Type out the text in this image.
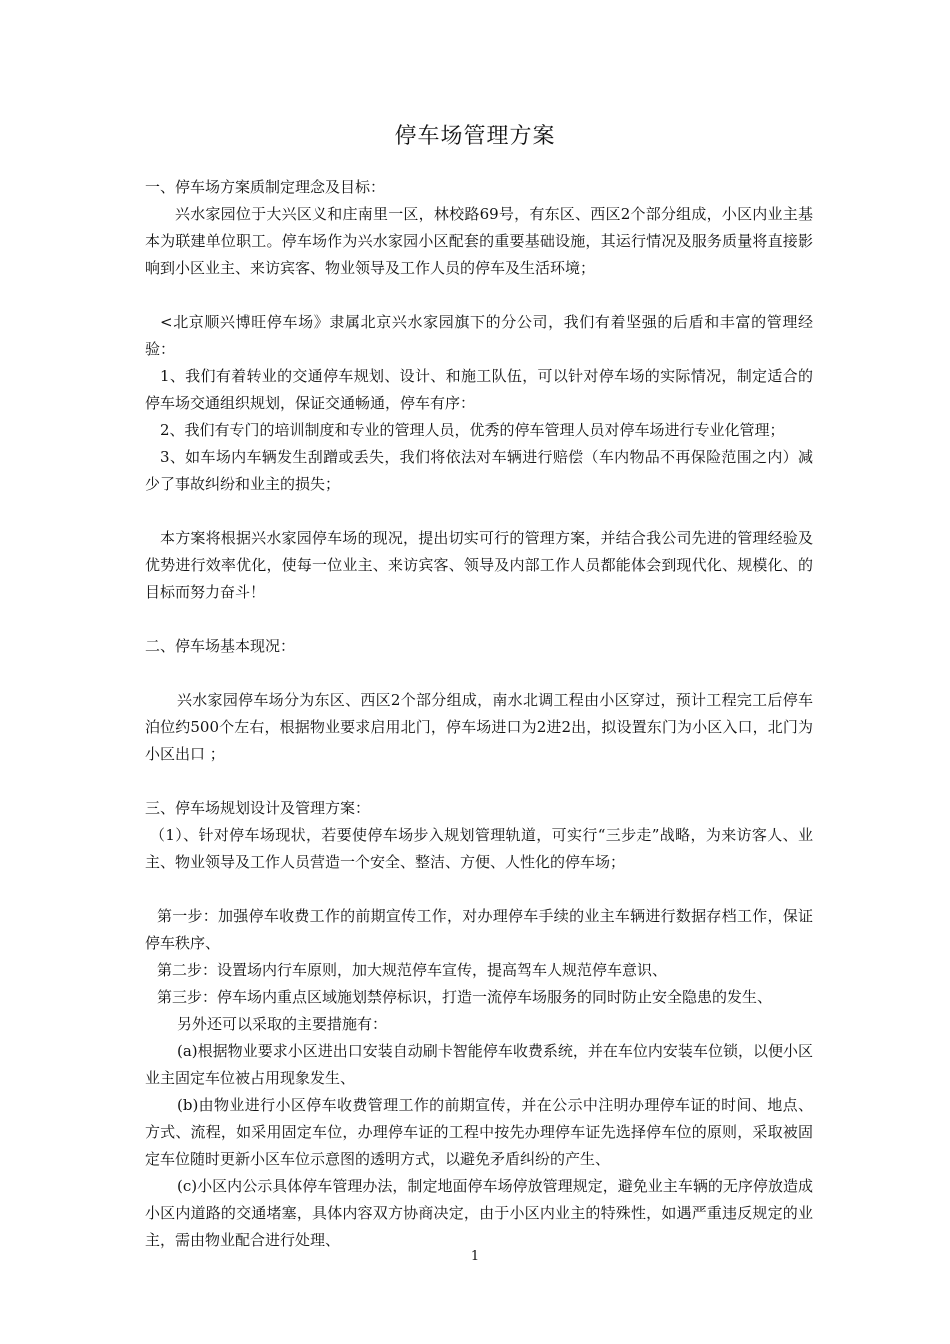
停车场管理方案

一、停车场方案质制定理念及目标：

兴水家园位于大兴区义和庄南里一区，林校路69号，有东区、西区2个部分组成，小区内业主基本为联建单位职工。停车场作为兴水家园小区配套的重要基础设施，其运行情况及服务质量将直接影响到小区业主、来访宾客、物业领导及工作人员的停车及生活环境；

<北京顺兴博旺停车场》隶属北京兴水家园旗下的分公司，我们有着坚强的后盾和丰富的管理经验：

1、我们有着转业的交通停车规划、设计、和施工队伍，可以针对停车场的实际情况，制定适合的停车场交通组织规划，保证交通畅通，停车有序：

2、我们有专门的培训制度和专业的管理人员，优秀的停车管理人员对停车场进行专业化管理；

3、如车场内车辆发生刮蹭或丢失，我们将依法对车辆进行赔偿（车内物品不再保险范围之内）减少了事故纠纷和业主的损失；

本方案将根据兴水家园停车场的现况，提出切实可行的管理方案，并结合我公司先进的管理经验及优势进行效率优化，使每一位业主、来访宾客、领导及内部工作人员都能体会到现代化、规模化、的目标而努力奋斗！

二、停车场基本现况：

兴水家园停车场分为东区、西区2个部分组成，南水北调工程由小区穿过，预计工程完工后停车泊位约500个左右，根据物业要求启用北门，停车场进口为2进2出，拟设置东门为小区入口，北门为小区出口 ；

三、停车场规划设计及管理方案：

（1）、针对停车场现状，若要使停车场步入规划管理轨道，可实行“三步走”战略，为来访客人、业主、物业领导及工作人员营造一个安全、整洁、方便、人性化的停车场；

第一步：加强停车收费工作的前期宣传工作，对办理停车手续的业主车辆进行数据存档工作，保证停车秩序、

第二步：设置场内行车原则，加大规范停车宣传，提高驾车人规范停车意识、

第三步：停车场内重点区域施划禁停标识，打造一流停车场服务的同时防止安全隐患的发生、

另外还可以采取的主要措施有：

(a)根据物业要求小区进出口安装自动刷卡智能停车收费系统，并在车位内安装车位锁，以便小区业主固定车位被占用现象发生、

(b)由物业进行小区停车收费管理工作的前期宣传，并在公示中注明办理停车证的时间、地点、方式、流程，如采用固定车位，办理停车证的工程中按先办理停车证先选择停车位的原则，采取被固定车位随时更新小区车位示意图的透明方式，以避免矛盾纠纷的产生、

(c)小区内公示具体停车管理办法，制定地面停车场停放管理规定，避免业主车辆的无序停放造成小区内道路的交通堵塞，具体内容双方协商决定，由于小区内业主的特殊性，如遇严重违反规定的业主，需由物业配合进行处理、

1
